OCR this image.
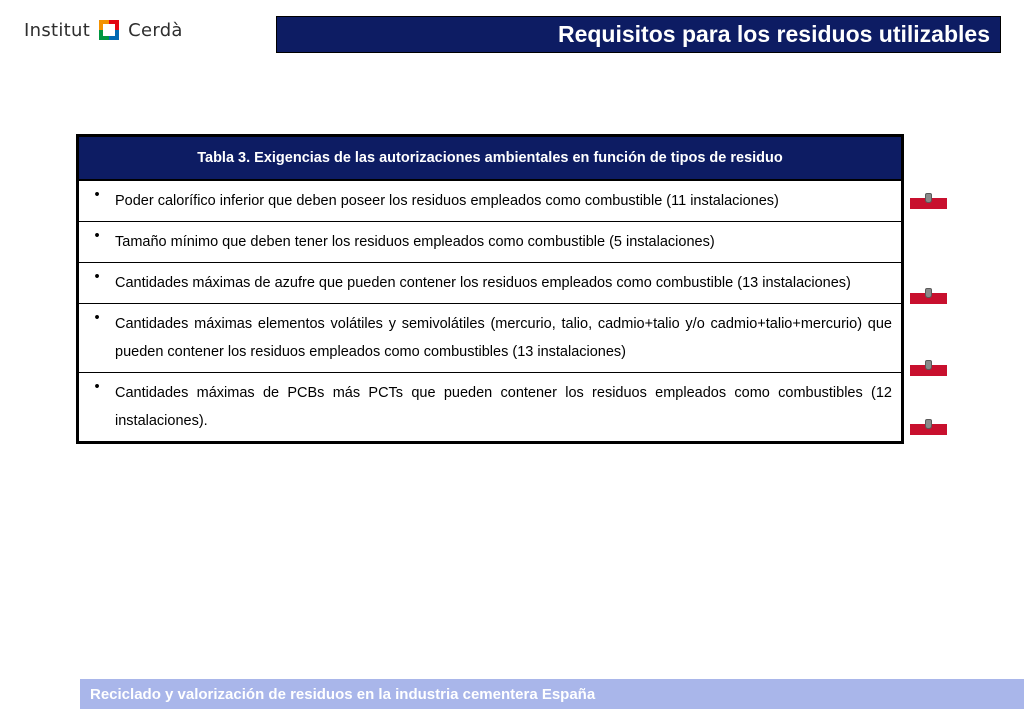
Institut Cerdà	Requisitos para los residuos utilizables
Tabla 3. Exigencias de las autorizaciones ambientales en función de tipos de residuo	
•	Poder calorífico inferior que deben poseer los residuos empleados como combustible (11 instalaciones)
•	Tamaño mínimo que deben tener los residuos empleados como combustible (5 instalaciones)
•	Cantidades máximas de azufre que pueden contener los residuos empleados como combustible (13 instalaciones)
•	Cantidades máximas elementos volátiles y semivolátiles (mercurio, talio, cadmio+talio y/o cadmio+talio+mercurio) que pueden contener los residuos empleados como combustibles (13 instalaciones)
•	Cantidades máximas de PCBs más PCTs que pueden contener los residuos empleados como combustibles (12 instalaciones).
Reciclado y valorización de residuos en la industria cementera España
